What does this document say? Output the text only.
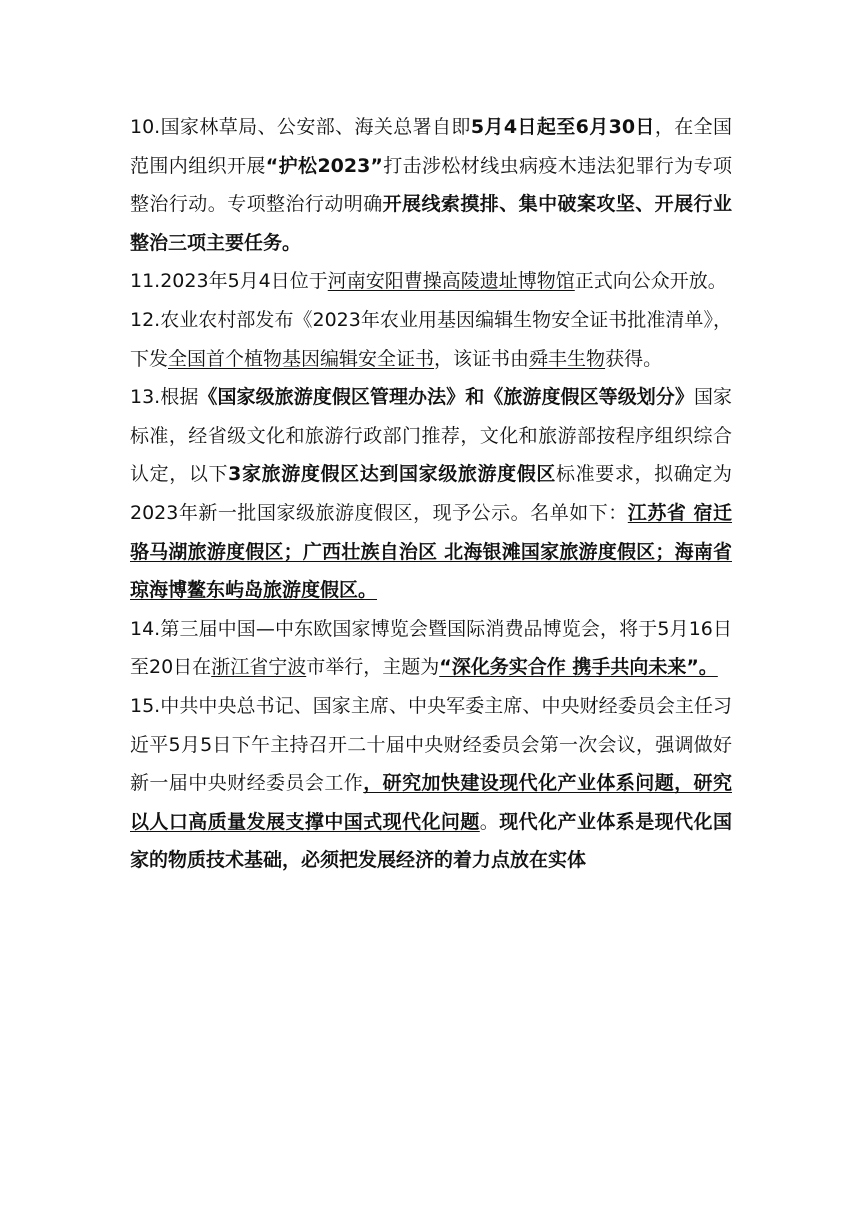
10.国家林草局、公安部、海关总署自即5月4日起至6月30日，在全国范围内组织开展“护松2023”打击涉松材线虫病疫木违法犯罪行为专项整治行动。专项整治行动明确开展线索摸排、集中破案攻坚、开展行业整治三项主要任务。

11.2023年5月4日位于河南安阳曹操高陵遗址博物馆正式向公众开放。

12.农业农村部发布《2023年农业用基因编辑生物安全证书批准清单》，下发全国首个植物基因编辑安全证书，该证书由舜丰生物获得。

13.根据《国家级旅游度假区管理办法》和《旅游度假区等级划分》国家标准，经省级文化和旅游行政部门推荐，文化和旅游部按程序组织综合认定，以下3家旅游度假区达到国家级旅游度假区标准要求，拟确定为2023年新一批国家级旅游度假区，现予公示。名单如下：江苏省 宿迁骆马湖旅游度假区；广西壮族自治区 北海银滩国家旅游度假区；海南省 琼海博鳌东屿岛旅游度假区。

14.第三届中国—中东欧国家博览会暨国际消费品博览会，将于5月16日至20日在浙江省宁波市举行，主题为“深化务实合作 携手共向未来”。

15.中共中央总书记、国家主席、中央军委主席、中央财经委员会主任习近平5月5日下午主持召开二十届中央财经委员会第一次会议，强调做好新一届中央财经委员会工作，研究加快建设现代化产业体系问题，研究以人口高质量发展支撑中国式现代化问题。现代化产业体系是现代化国家的物质技术基础，必须把发展经济的着力点放在实体
